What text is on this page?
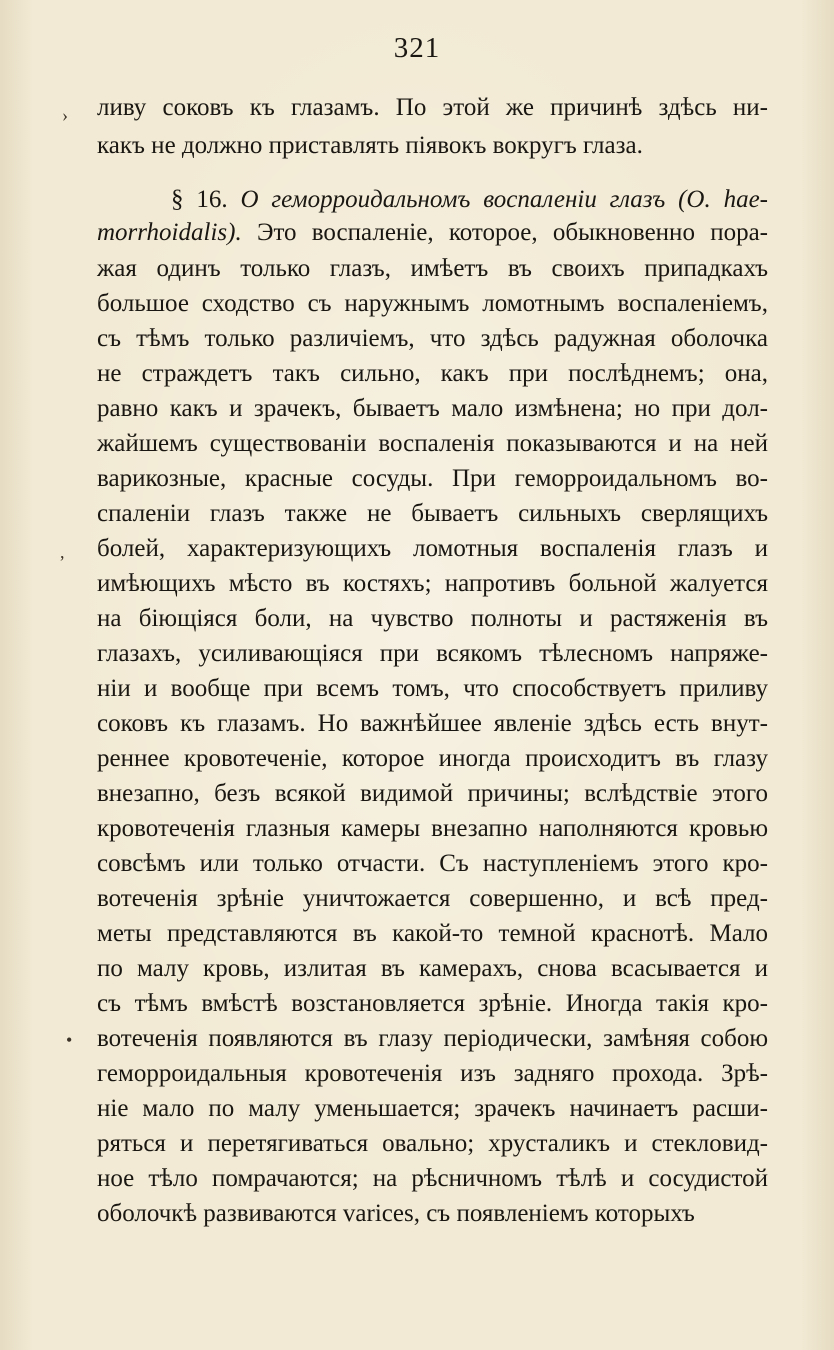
321
›
,
•
ливу соковъ къ глазамъ. По этой же причинѣ здѣсь ни-
какъ не должно приставлять піявокъ вокругъ глаза.
§ 16. О геморроидальномъ воспаленіи глазъ (O. hae-
morrhoidalis). Это воспаленіе, которое, обыкновенно пора-
жая одинъ только глазъ, имѣетъ въ своихъ припадкахъ
большое сходство съ наружнымъ ломотнымъ воспаленіемъ,
съ тѣмъ только различіемъ, что здѣсь радужная оболочка
не страждетъ такъ сильно, какъ при послѣднемъ; она,
равно какъ и зрачекъ, бываетъ мало измѣнена; но при дол-
жайшемъ существованіи воспаленія показываются и на ней
варикозные, красные сосуды. При геморроидальномъ во-
спаленіи глазъ также не бываетъ сильныхъ сверлящихъ
болей, характеризующихъ ломотныя воспаленія глазъ и
имѣющихъ мѣсто въ костяхъ; напротивъ больной жалуется
на біющіяся боли, на чувство полноты и растяженія въ
глазахъ, усиливающіяся при всякомъ тѣлесномъ напряже-
ніи и вообще при всемъ томъ, что способствуетъ приливу
соковъ къ глазамъ. Но важнѣйшее явленіе здѣсь есть внут-
реннее кровотеченіе, которое иногда происходитъ въ глазу
внезапно, безъ всякой видимой причины; вслѣдствіе этого
кровотеченія глазныя камеры внезапно наполняются кровью
совсѣмъ или только отчасти. Съ наступленіемъ этого кро-
вотеченія зрѣніе уничтожается совершенно, и всѣ пред-
меты представляются въ какой-то темной краснотѣ. Мало
по малу кровь, излитая въ камерахъ, снова всасывается и
съ тѣмъ вмѣстѣ возстановляется зрѣніе. Иногда такія кро-
вотеченія появляются въ глазу періодически, замѣняя собою
геморроидальныя кровотеченія изъ задняго прохода. Зрѣ-
ніе мало по малу уменьшается; зрачекъ начинаетъ расши-
ряться и перетягиваться овально; хрусталикъ и стекловид-
ное тѣло помрачаются; на рѣсничномъ тѣлѣ и сосудистой
оболочкѣ развиваются varices, съ появленіемъ которыхъ
